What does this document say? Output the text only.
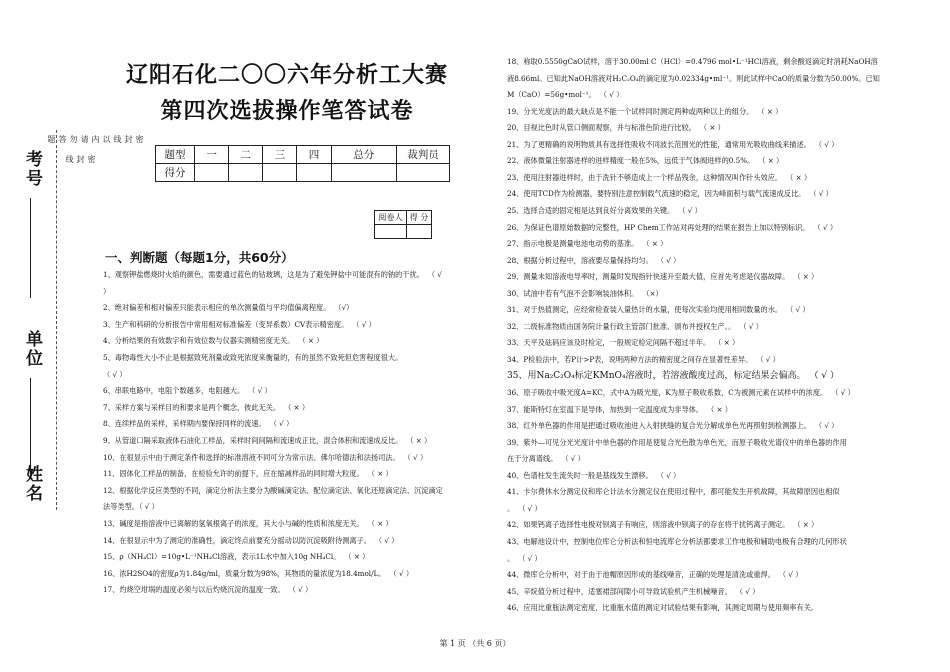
考号
单位
姓名
密
封
线
以
内
请
勿
答
题
密
封
线
辽阳石化二〇〇六年分析工大赛
第四次选拔操作笔答试卷
题型	一	二	三	四	总分	裁判员
得分						
阅卷人	得 分

一、判断题（每题1分，共60分）
1、观察钾盐燃烧时火焰的颜色，需要通过蓝色的钴玻璃，这是为了避免钾盐中可能混有的钠的干扰。 （ √
）
2、绝对偏差和相对偏差只能表示相应的单次测量值与平均值偏离程度。 （√）
3、生产和科研的分析报告中常用相对标准偏差（变异系数）CV表示精密度。 （ √ ）
4、分析结果的有效数字和有效位数与仪器实测精密度无关。 （ × ）
5、毒物毒性大小不止是根据致死剂量或致死浓度来衡量的，有的虽然不致死但危害程度很大。
（ √ ）
6、串联电路中，电阻个数越多，电阻越大。 （ √ ）
7、采样方案与采样目的和要求是两个概念，彼此无关。 （ × ）
8、连续样品的采样，采样期内要保持同样的流速。 （ √ ）
9、从管道口隔采取液体石油化工样品，采样时间间隔和流速成正比，混合体积和流速成反比。 （ × ）
10、在很显示中由于测定条件和选择的标准溶液不同可分为常示法、佛尔哈德法和法扬司法。 （ √ ）
11、固体化工样品的制备，在检验允许的前提下，应在缩减样品的同时增大粒度。 （ × ）
12、根据化学反应类型的不同，滴定分析法主要分为酸碱滴定法、配位滴定法、氧化还原滴定法、沉淀滴定
法等类型。（ √ ）
13、碱度是指溶液中已离解的氢氧根离子的浓度，其大小与碱的性质和浓度无关。 （ × ）
14、在很显示中为了测定的准确性，滴定终点前要充分摇动以防沉淀吸附待测离子。 （ √ ）
15、ρ（NH₄Cl）=10g•L⁻¹NH₄Cl溶液，表示1L水中加入10g NH₄Cl。 （ × ）
16、浓H2SO4的密度ρ为1.84g/ml，质量分数为98%，其物质的量浓度为18.4mol/L。 （ √ ）
17、灼烧空坩埚的温度必须与以后灼烧沉淀的温度一致。 （ √ ）
18、称取0.5550gCaO试样，溶于30.00ml C（HCl）=0.4796 mol•L⁻¹HCl溶液，剩余酸返滴定时消耗NaOH溶
液8.66ml。已知此NaOH溶液对H₂C₂O₄的滴定度为0.02334g•ml⁻¹。则此试样中CaO的质量分数为50.00%。已知
M（CaO）=56g•mol⁻¹。 （ √ ）
19、分光光度法的最大缺点是不能一个试样同时测定两种或两种以上的组分。 （ × ）
20、目视比色时从管口侧面观察，并与标准色阶进行比较。 （ × ）
21、为了更精确的说明物质具有选择性吸收不同波长范围光的性能，通常用光吸收曲线来描述。 （ √ ）
22、液体微量注射器进样的进样精度一般在5%，远低于气体阀进样的0.5%。 （ × ）
23、使用注射器进样时，由于洗针不够造成上一个样品残余，这种情况叫作针头效应。 （ × ）
24、使用TCD作为检测器，要特别注意控制载气流速的稳定，因为峰面积与载气流速成反比。 （ √ ）
25、选择合适的固定相是达到良好分离效果的关键。 （ √ ）
26、为保证色谱原始数据的完整性，HP Chem工作站对再处理的结果在报告上加以特别标识。 （ √ ）
27、指示电极是测量电池电动势的基准。 （ × ）
28、根据分析过程中，溶液要尽量保持均匀。 （ √ ）
29、测量未知溶液电导率时，测量时发现指针快速升至最大值，应首先考虑是仪器故障。 （ × ）
30、试油中若有气泡不会影响装油体积。 （×）
31、对于热值测定，应经常检查装入量热计的水量，使每次实验均使用相同数量的水。 （ √ ）
32、二级标准物质由国务院计量行政主管部门批准、颁布并授权生产。。 （ √ ）
33、天平及砝码应该及时检定，一般规定检定间隔不超过半年。 （ × ）
34、P检验法中，若P计>P表，说明两种方法的精密度之间存在显著性差异。 （ √ ）
35、用Na₂C₂O₄标定KMnO₄溶液时，若溶液酸度过高，标定结果会偏高。 （ √ ）
36、原子吸收中吸光度A=KC，式中A为吸光度，K为原子吸收系数，C为被测元素在试样中的浓度。 （ √ ）
37、能斯特灯在室温下是导体，加热到一定温度成为非导体。 （ × ）
38、红外单色器的作用是把通过吸收池进入入射狭缝的复合光分解成单色光再照射到检测器上。 （ √ ）
39、紫外—可见分光光度计中单色器的作用是使复合光色散为单色光，而原子吸收光谱仪中的单色器的作用
在于分离谱线。 （ √ ）
40、色谱柱发生流失时一般是基线发生漂移。 （ √ ）
41、卡尔费休水分测定仪和库仑计法水分测定仪在使用过程中，都可能发生开机故障，其故障原因也相似
。 （ √ ）
42、如果钙离子选择性电极对钡离子有响应，则溶液中钡离子的存在将干扰钙离子测定。 （ × ）
43、电解池设计中，控制电位库仑分析法和恒电流库仑分析法都要求工作电极和辅助电极有合理的几何形状
。 （ √ ）
44、微库仑分析中，对于由于池帽原因形成的基线噪音，正确的处理是清洗或重焊。 （ √ ）
45、辛烷值分析过程中，适塞裙部间隙小可导致试验机产生机械噪音。 （ √ ）
46、应用比重瓶法测定密度，比重瓶水值的测定对试验结果有影响，其测定周期与使用频率有关。
第 1 页 （共 6 页）
